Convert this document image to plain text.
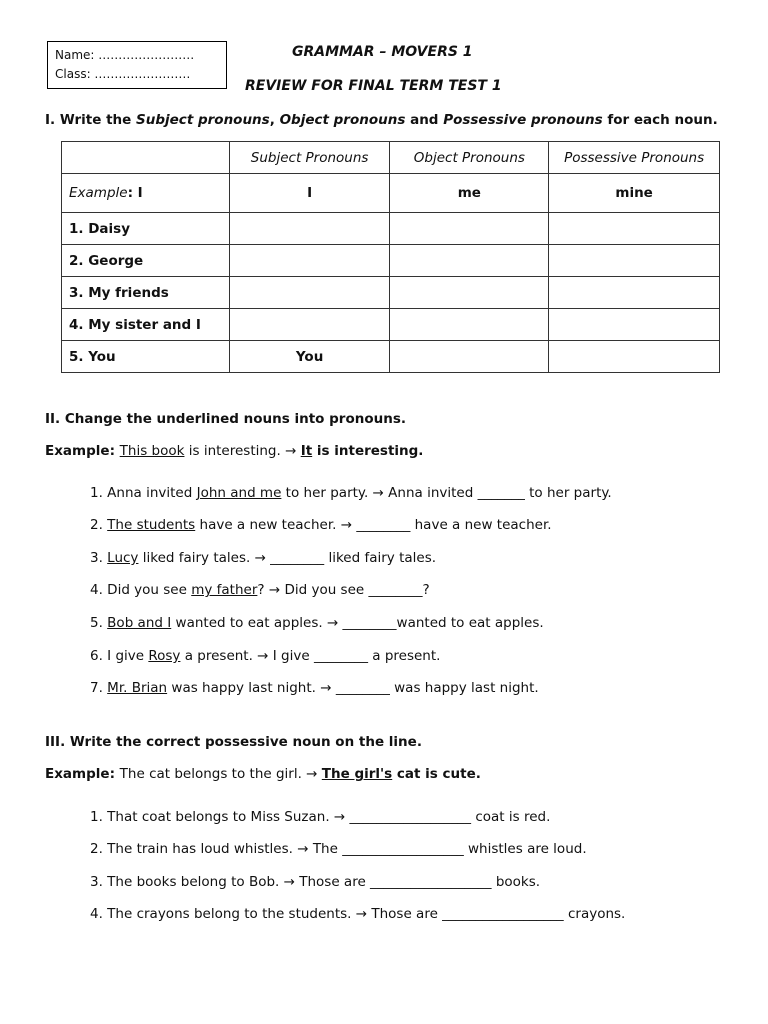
Name: ……………………
Class: ……………………
GRAMMAR – MOVERS 1
REVIEW FOR FINAL TERM TEST 1
I. Write the Subject pronouns, Object pronouns and Possessive pronouns for each noun.
	Subject Pronouns	Object Pronouns	Possessive Pronouns
Example: I	I	me	mine
1. Daisy			
2. George			
3. My friends			
4. My sister and I			
5. You	You		
II. Change the underlined nouns into pronouns.
Example: This book is interesting. → It is interesting.
1. Anna invited John and me to her party. → Anna invited _______ to her party.
2. The students have a new teacher. → ________ have a new teacher.
3. Lucy liked fairy tales. → ________ liked fairy tales.
4. Did you see my father? → Did you see ________?
5. Bob and I wanted to eat apples. → ________wanted to eat apples.
6. I give Rosy a present. → I give ________ a present.
7. Mr. Brian was happy last night. → ________ was happy last night.
III. Write the correct possessive noun on the line.
Example: The cat belongs to the girl. → The girl's cat is cute.
1. That coat belongs to Miss Suzan. → __________________ coat is red.
2. The train has loud whistles. → The __________________ whistles are loud.
3. The books belong to Bob. → Those are __________________ books.
4. The crayons belong to the students. → Those are __________________ crayons.
